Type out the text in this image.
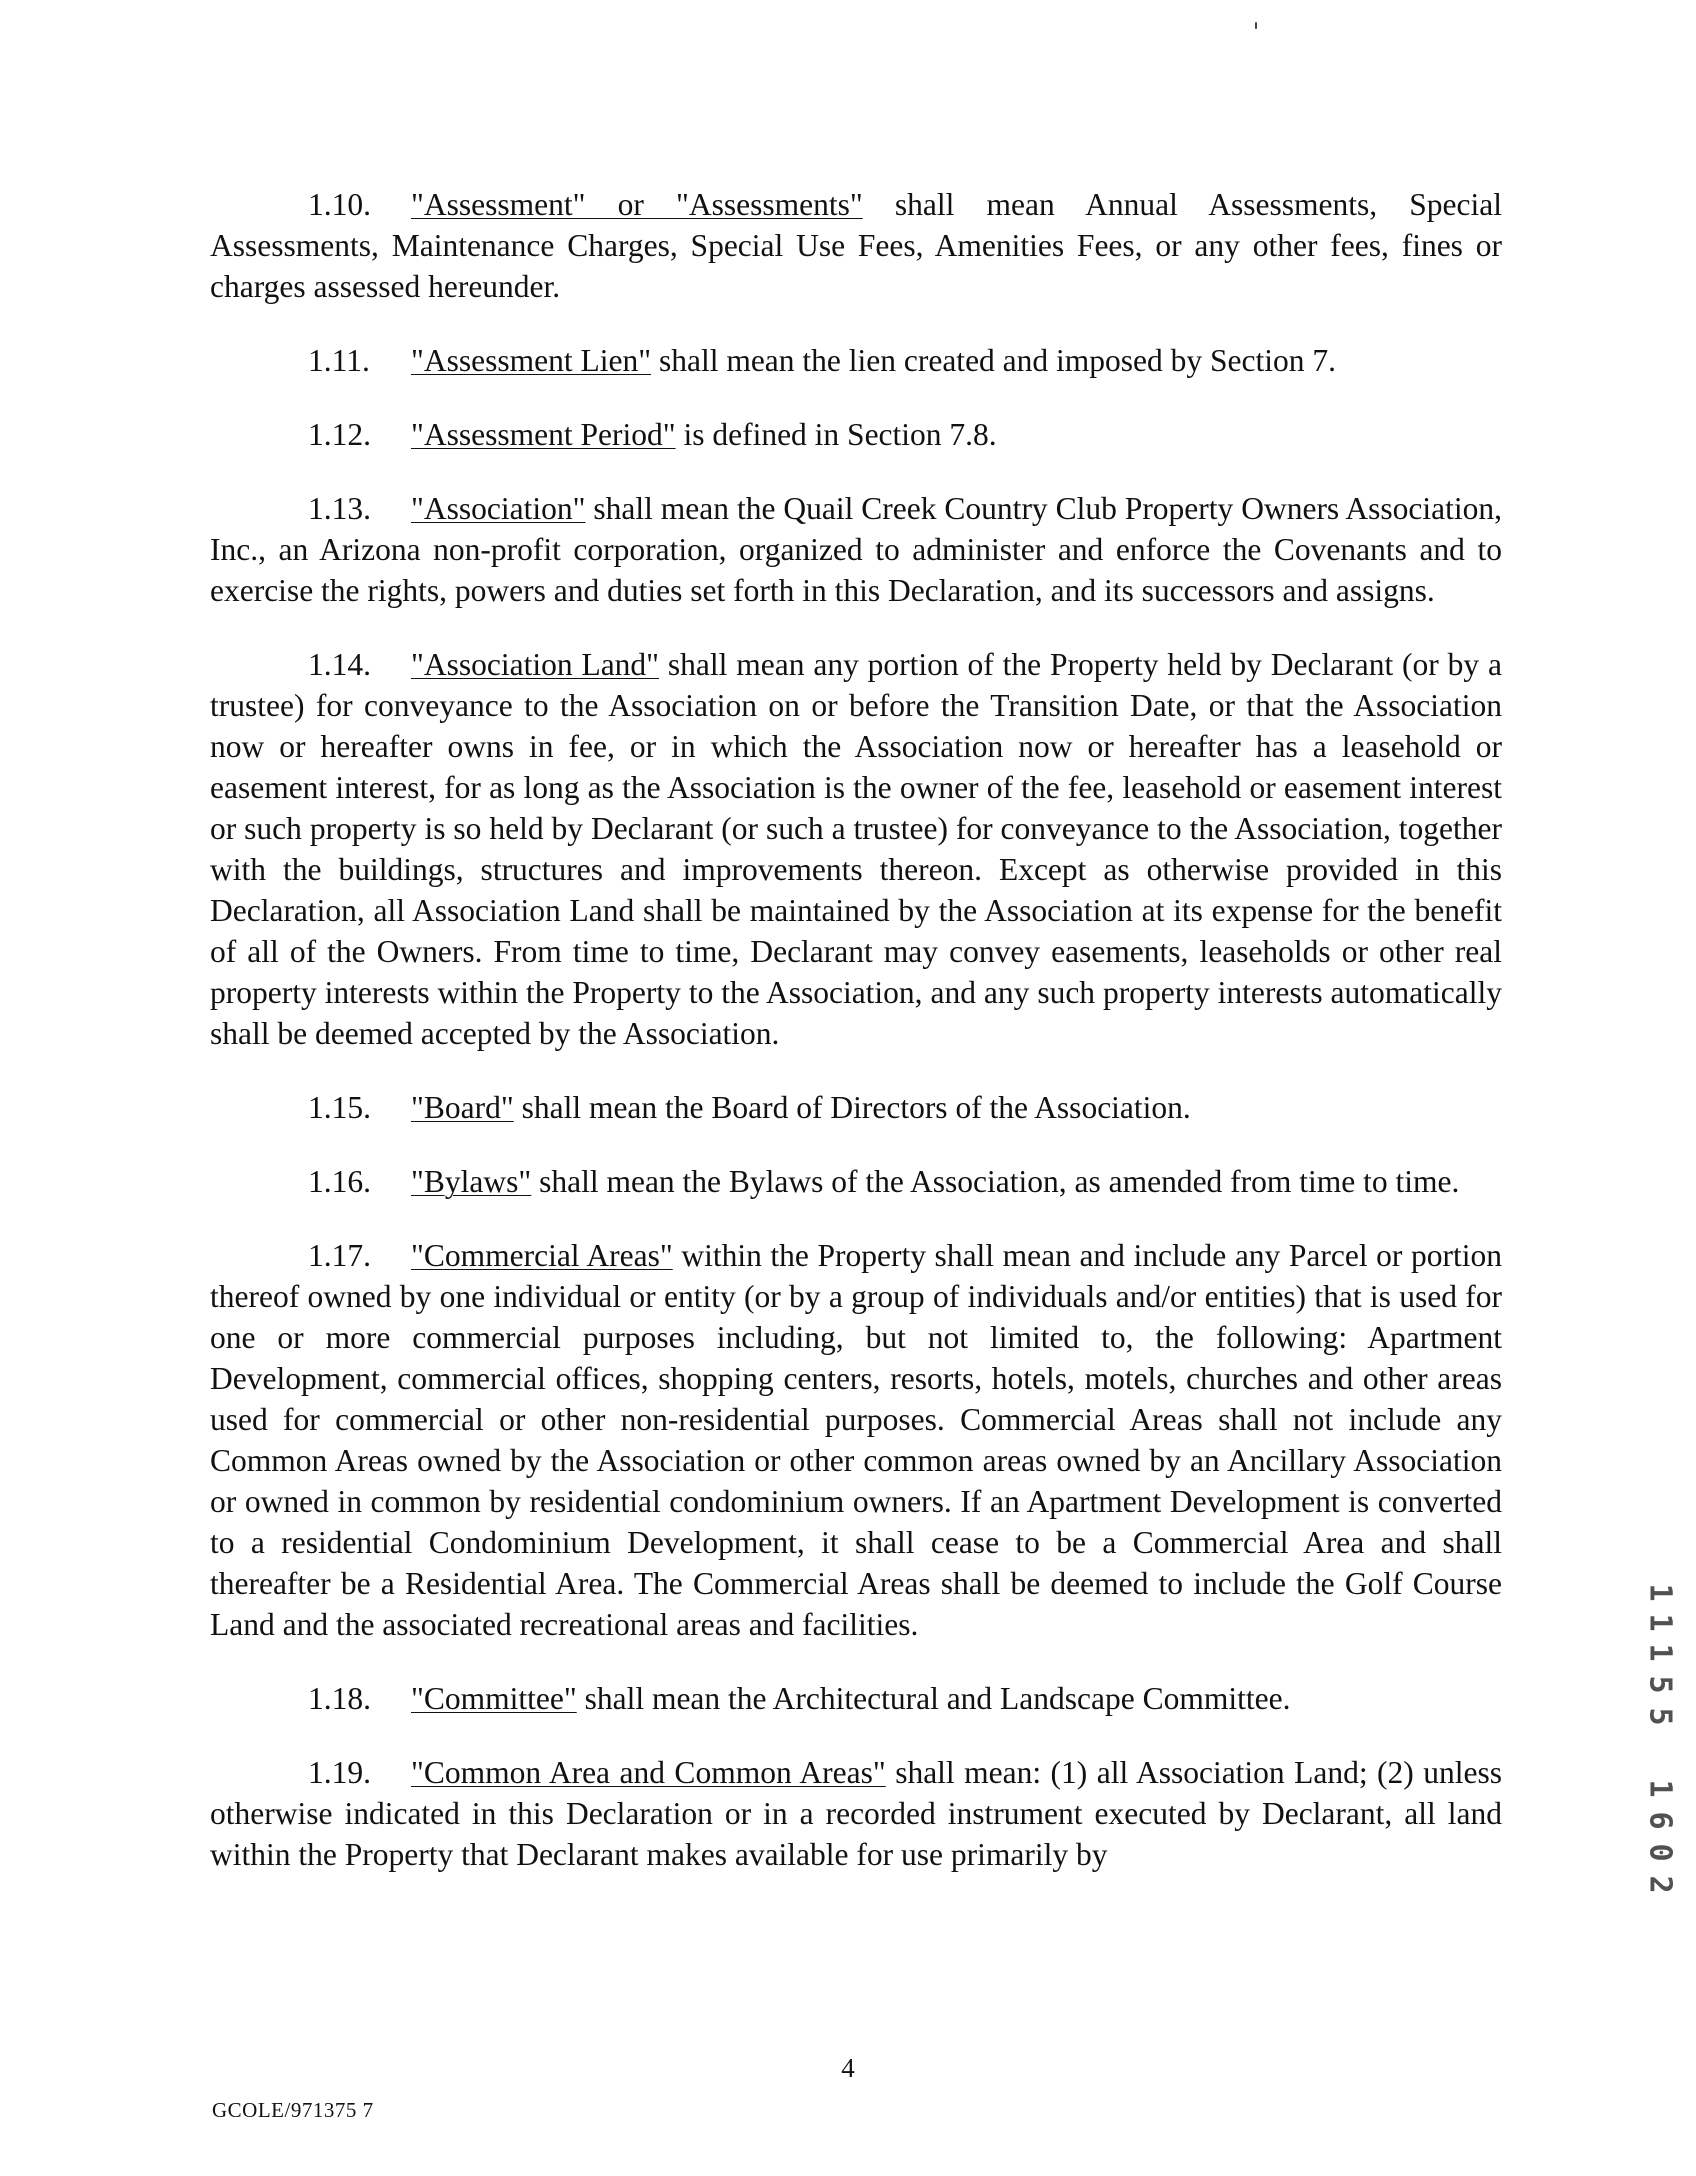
1.10. "Assessment" or "Assessments" shall mean Annual Assessments, Special Assessments, Maintenance Charges, Special Use Fees, Amenities Fees, or any other fees, fines or charges assessed hereunder.

1.11. "Assessment Lien" shall mean the lien created and imposed by Section 7.

1.12. "Assessment Period" is defined in Section 7.8.

1.13. "Association" shall mean the Quail Creek Country Club Property Owners Association, Inc., an Arizona non-profit corporation, organized to administer and enforce the Covenants and to exercise the rights, powers and duties set forth in this Declaration, and its successors and assigns.

1.14. "Association Land" shall mean any portion of the Property held by Declarant (or by a trustee) for conveyance to the Association on or before the Transition Date, or that the Association now or hereafter owns in fee, or in which the Association now or hereafter has a leasehold or easement interest, for as long as the Association is the owner of the fee, leasehold or easement interest or such property is so held by Declarant (or such a trustee) for conveyance to the Association, together with the buildings, structures and improvements thereon. Except as otherwise provided in this Declaration, all Association Land shall be maintained by the Association at its expense for the benefit of all of the Owners. From time to time, Declarant may convey easements, leaseholds or other real property interests within the Property to the Association, and any such property interests automatically shall be deemed accepted by the Association.

1.15. "Board" shall mean the Board of Directors of the Association.

1.16. "Bylaws" shall mean the Bylaws of the Association, as amended from time to time.

1.17. "Commercial Areas" within the Property shall mean and include any Parcel or portion thereof owned by one individual or entity (or by a group of individuals and/or entities) that is used for one or more commercial purposes including, but not limited to, the following: Apartment Development, commercial offices, shopping centers, resorts, hotels, motels, churches and other areas used for commercial or other non-residential purposes. Commercial Areas shall not include any Common Areas owned by the Association or other common areas owned by an Ancillary Association or owned in common by residential condominium owners. If an Apartment Development is converted to a residential Condominium Development, it shall cease to be a Commercial Area and shall thereafter be a Residential Area. The Commercial Areas shall be deemed to include the Golf Course Land and the associated recreational areas and facilities.

1.18. "Committee" shall mean the Architectural and Landscape Committee.

1.19. "Common Area and Common Areas" shall mean: (1) all Association Land; (2) unless otherwise indicated in this Declaration or in a recorded instrument executed by Declarant, all land within the Property that Declarant makes available for use primarily by

1
1
1
5
5
1
6
0
2
4
GCOLE/971375 7
